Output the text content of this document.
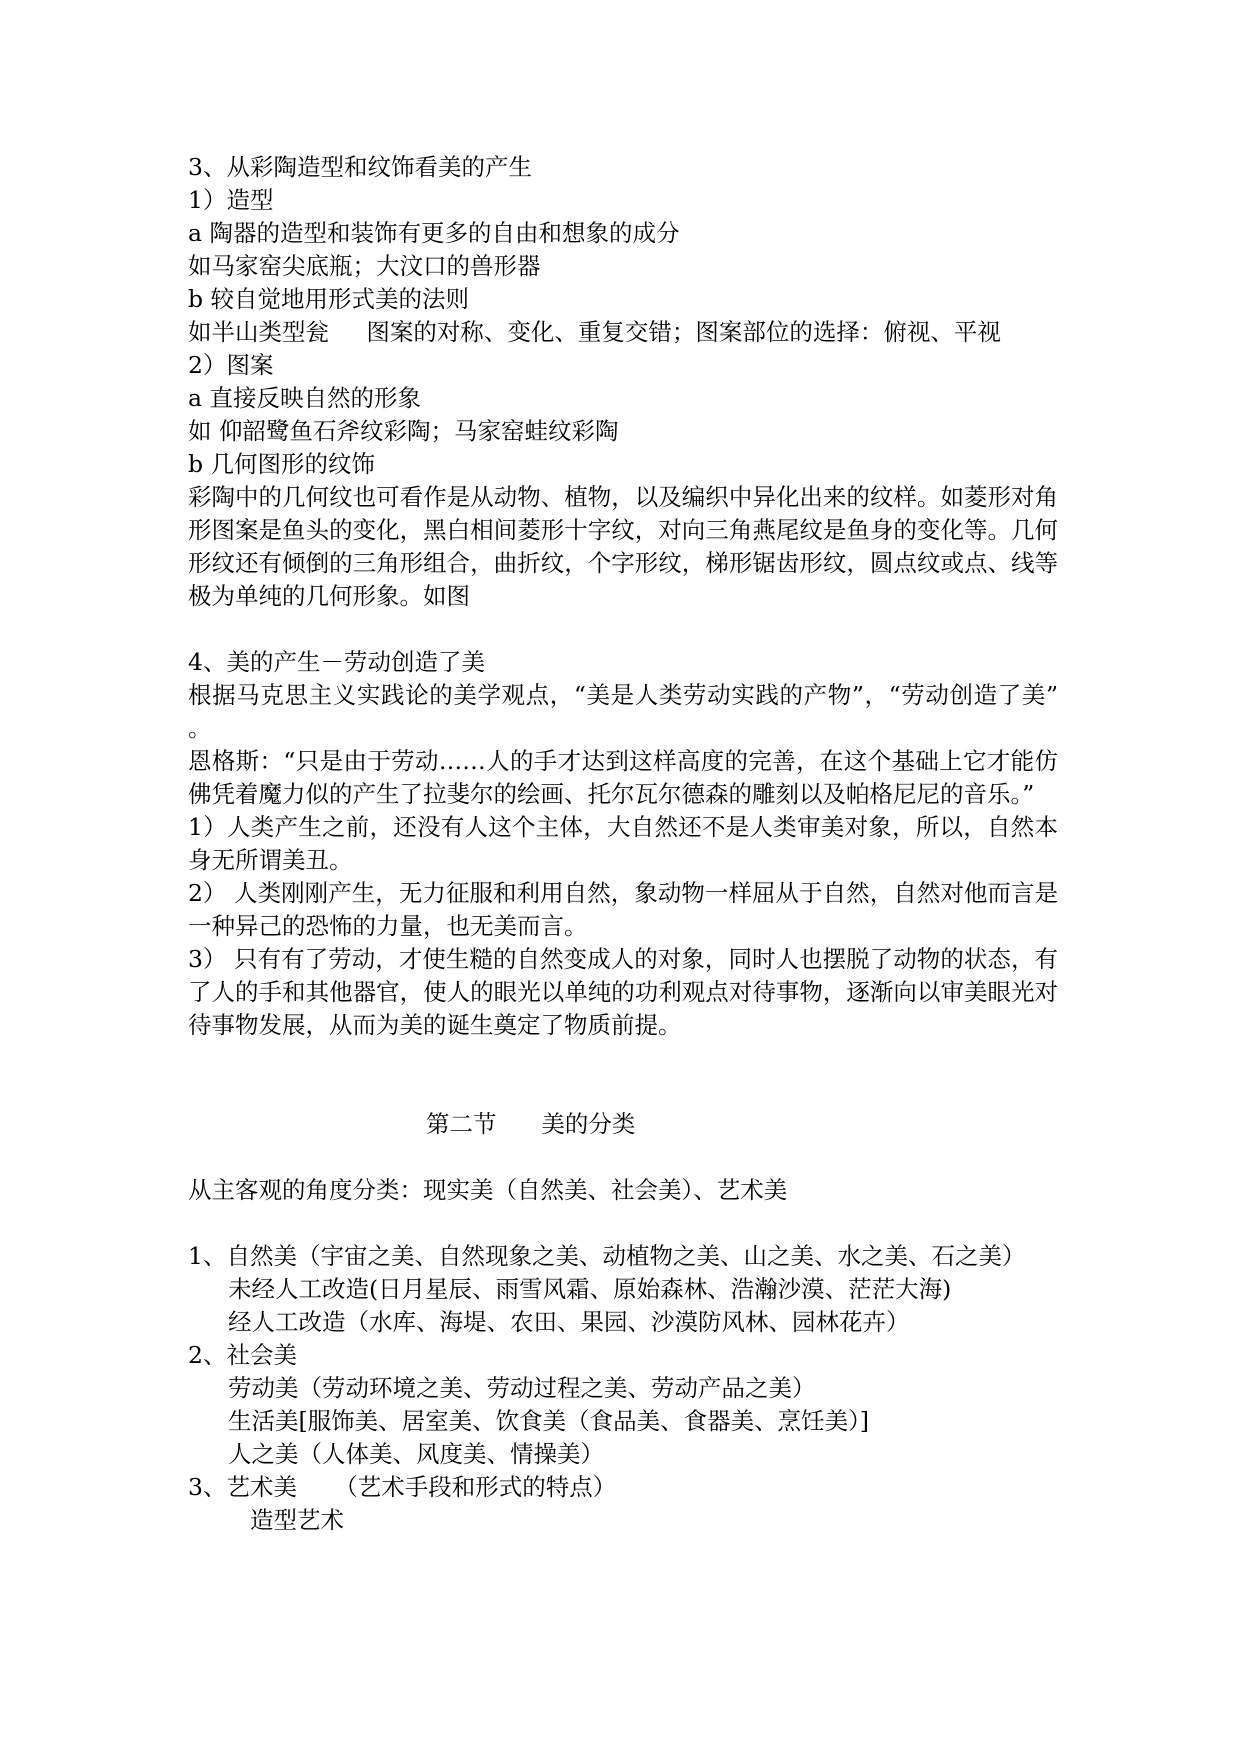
3、从彩陶造型和纹饰看美的产生
1）造型
a 陶器的造型和装饰有更多的自由和想象的成分
如马家窑尖底瓶；大汶口的兽形器
b 较自觉地用形式美的法则
如半山类型瓮     图案的对称、变化、重复交错；图案部位的选择：俯视、平视
2）图案
a 直接反映自然的形象
如 仰韶鹭鱼石斧纹彩陶；马家窑蛙纹彩陶
b 几何图形的纹饰
彩陶中的几何纹也可看作是从动物、植物，以及编织中异化出来的纹样。如菱形对角形图案是鱼头的变化，黑白相间菱形十字纹，对向三角燕尾纹是鱼身的变化等。几何形纹还有倾倒的三角形组合，曲折纹，个字形纹，梯形锯齿形纹，圆点纹或点、线等极为单纯的几何形象。如图
4、美的产生－劳动创造了美
根据马克思主义实践论的美学观点，“美是人类劳动实践的产物”，“劳动创造了美”。
恩格斯：“只是由于劳动……人的手才达到这样高度的完善，在这个基础上它才能仿佛凭着魔力似的产生了拉斐尔的绘画、托尔瓦尔德森的雕刻以及帕格尼尼的音乐。”
1）人类产生之前，还没有人这个主体，大自然还不是人类审美对象，所以，自然本身无所谓美丑。
2） 人类刚刚产生，无力征服和利用自然，象动物一样屈从于自然，自然对他而言是一种异己的恐怖的力量，也无美而言。
3） 只有有了劳动，才使生糙的自然变成人的对象，同时人也摆脱了动物的状态，有了人的手和其他器官，使人的眼光以单纯的功利观点对待事物，逐渐向以审美眼光对待事物发展，从而为美的诞生奠定了物质前提。
第二节      美的分类
从主客观的角度分类：现实美（自然美、社会美）、艺术美
1、自然美（宇宙之美、自然现象之美、动植物之美、山之美、水之美、石之美）
未经人工改造(日月星辰、雨雪风霜、原始森林、浩瀚沙漠、茫茫大海)
经人工改造（水库、海堤、农田、果园、沙漠防风林、园林花卉）
2、社会美
劳动美（劳动环境之美、劳动过程之美、劳动产品之美）
生活美[服饰美、居室美、饮食美（食品美、食器美、烹饪美）]
人之美（人体美、风度美、情操美）
3、艺术美     （艺术手段和形式的特点）
造型艺术
